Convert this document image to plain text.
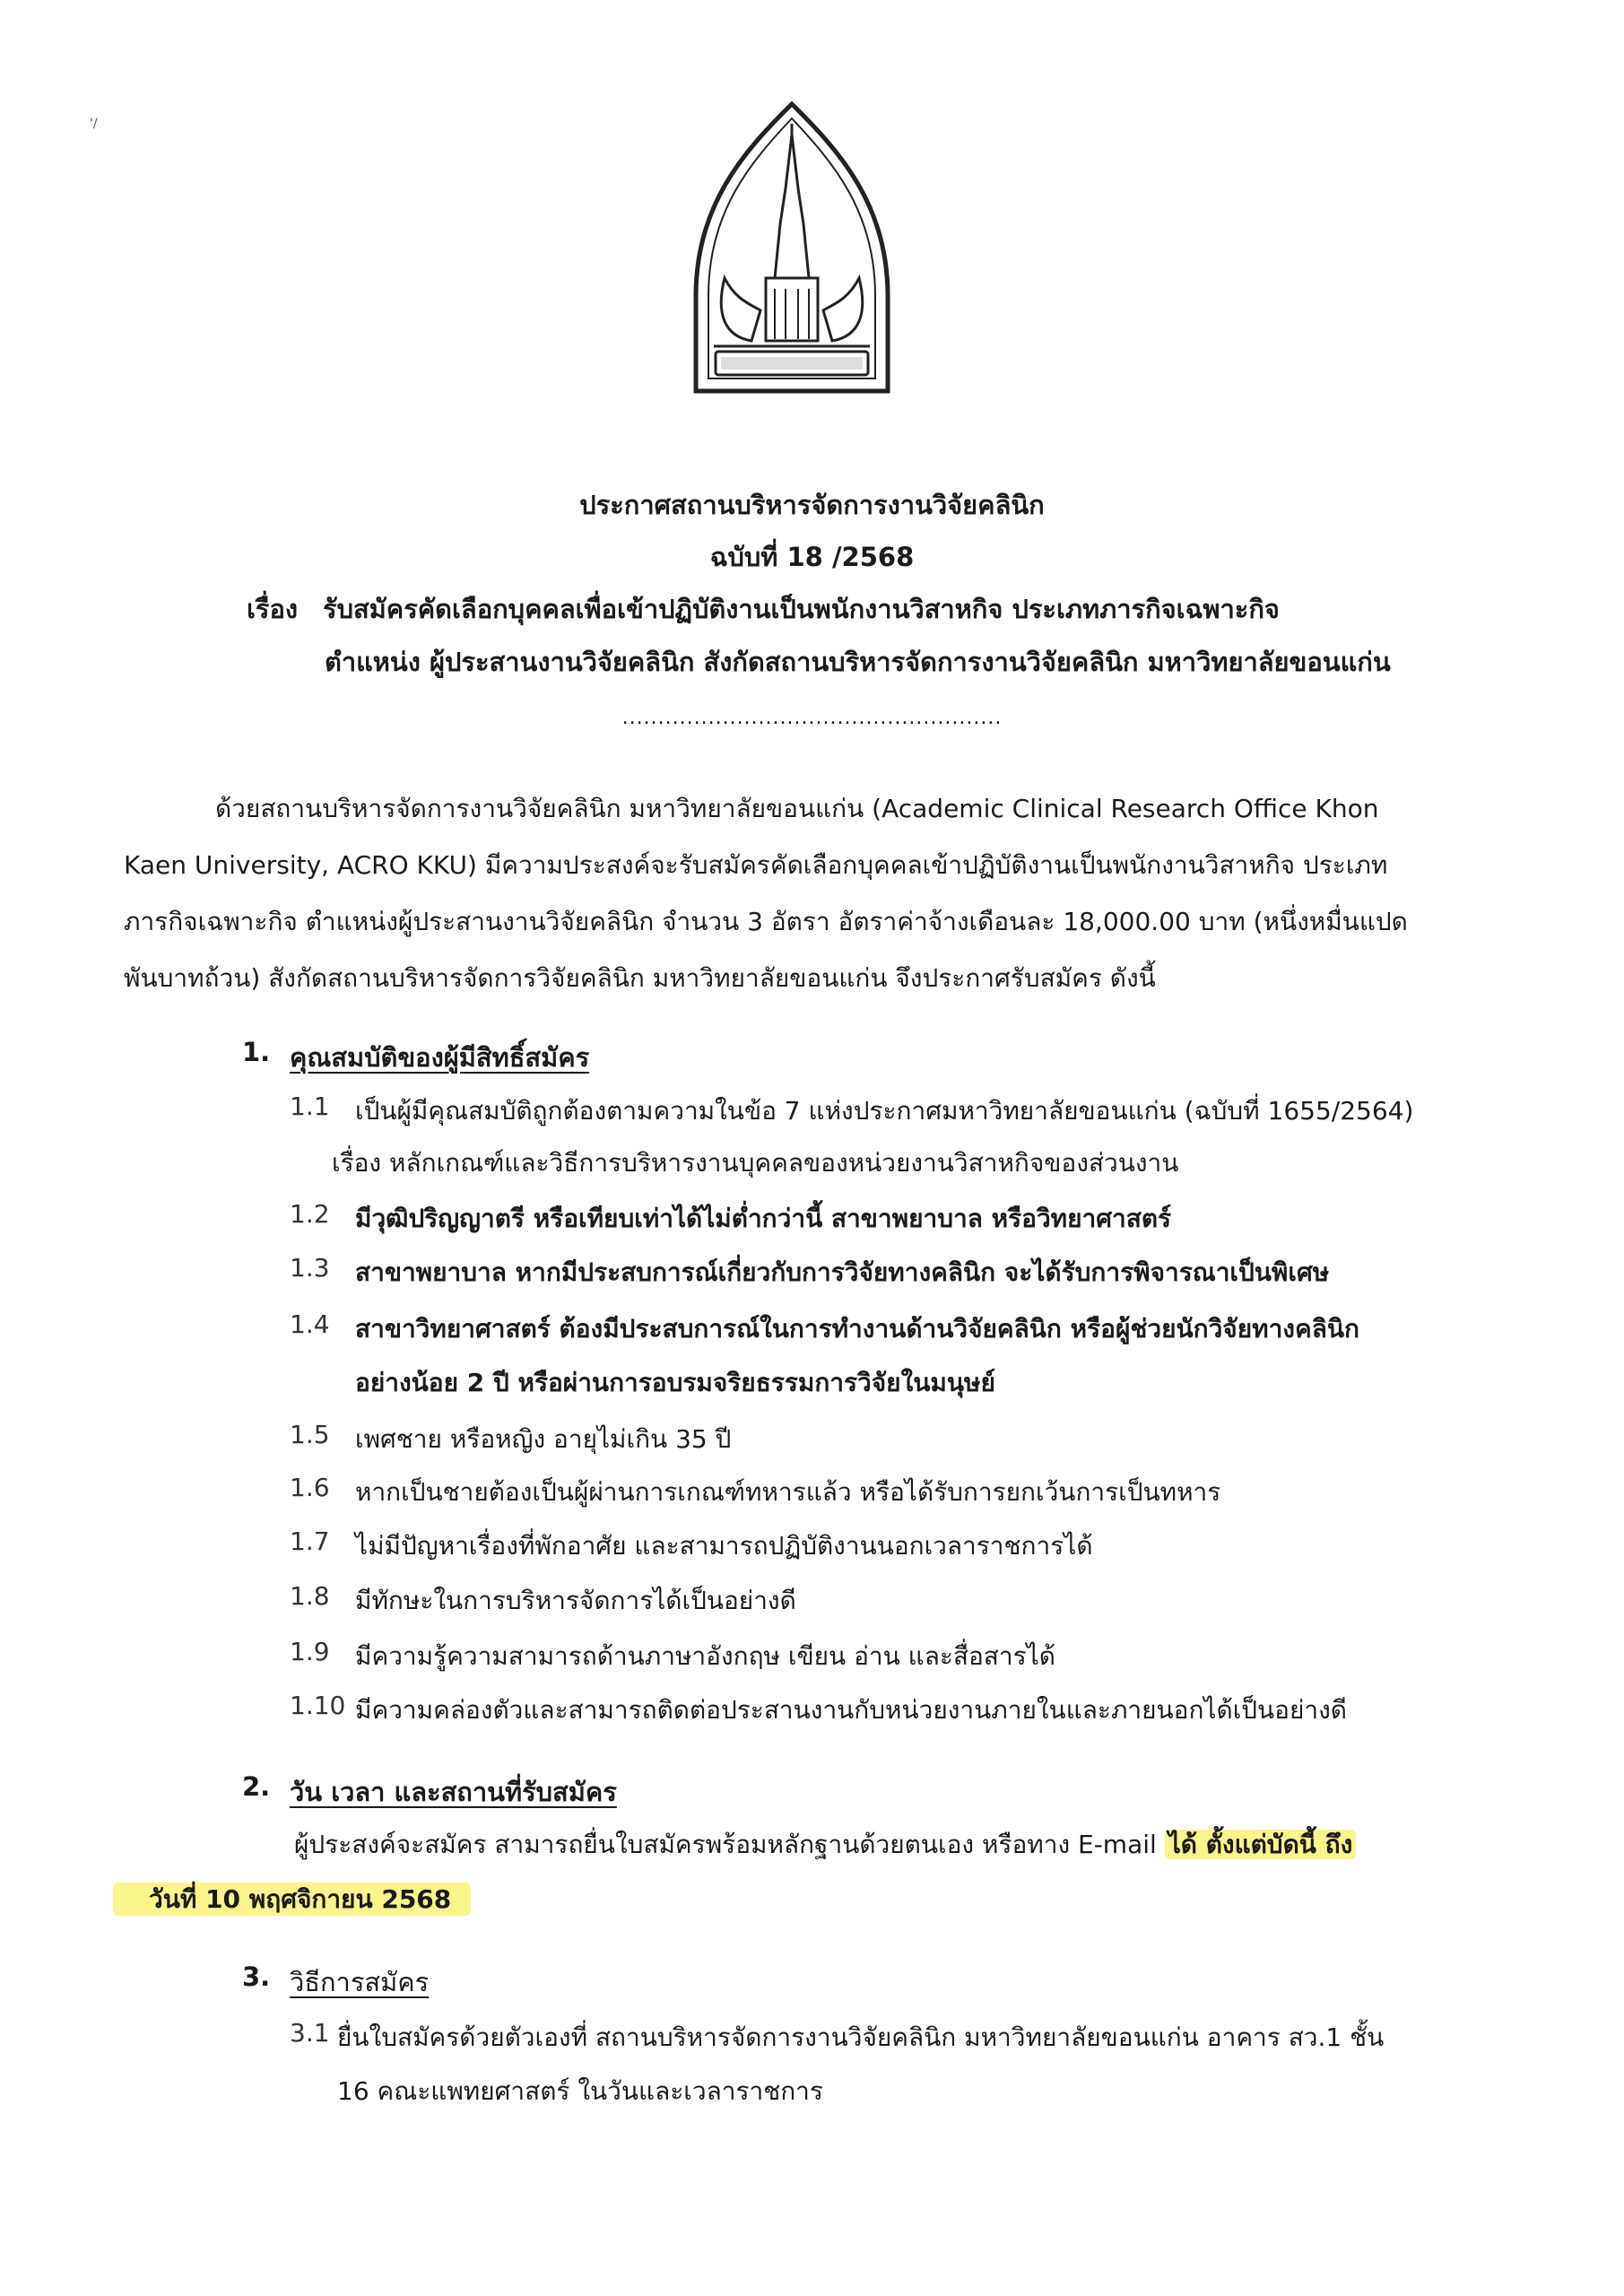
'/
ประกาศสถานบริหารจัดการงานวิจัยคลินิก
ฉบับที่ 18 /2568
เรื่อง รับสมัครคัดเลือกบุคคลเพื่อเข้าปฏิบัติงานเป็นพนักงานวิสาหกิจ ประเภทภารกิจเฉพาะกิจ
ตำแหน่ง ผู้ประสานงานวิจัยคลินิก สังกัดสถานบริหารจัดการงานวิจัยคลินิก มหาวิทยาลัยขอนแก่น
.....................................................
ด้วยสถานบริหารจัดการงานวิจัยคลินิก มหาวิทยาลัยขอนแก่น (Academic Clinical Research Office Khon
Kaen University, ACRO KKU) มีความประสงค์จะรับสมัครคัดเลือกบุคคลเข้าปฏิบัติงานเป็นพนักงานวิสาหกิจ ประเภท
ภารกิจเฉพาะกิจ ตำแหน่งผู้ประสานงานวิจัยคลินิก จำนวน 3 อัตรา อัตราค่าจ้างเดือนละ 18,000.00 บาท (หนึ่งหมื่นแปด
พันบาทถ้วน) สังกัดสถานบริหารจัดการวิจัยคลินิก มหาวิทยาลัยขอนแก่น จึงประกาศรับสมัคร ดังนี้
1. คุณสมบัติของผู้มีสิทธิ์สมัคร
1.1 เป็นผู้มีคุณสมบัติถูกต้องตามความในข้อ 7 แห่งประกาศมหาวิทยาลัยขอนแก่น (ฉบับที่ 1655/2564)
เรื่อง หลักเกณฑ์และวิธีการบริหารงานบุคคลของหน่วยงานวิสาหกิจของส่วนงาน
1.2 มีวุฒิปริญญาตรี หรือเทียบเท่าได้ไม่ต่ำกว่านี้ สาขาพยาบาล หรือวิทยาศาสตร์
1.3 สาขาพยาบาล หากมีประสบการณ์เกี่ยวกับการวิจัยทางคลินิก จะได้รับการพิจารณาเป็นพิเศษ
1.4 สาขาวิทยาศาสตร์ ต้องมีประสบการณ์ในการทำงานด้านวิจัยคลินิก หรือผู้ช่วยนักวิจัยทางคลินิก
อย่างน้อย 2 ปี หรือผ่านการอบรมจริยธรรมการวิจัยในมนุษย์
1.5 เพศชาย หรือหญิง อายุไม่เกิน 35 ปี
1.6 หากเป็นชายต้องเป็นผู้ผ่านการเกณฑ์ทหารแล้ว หรือได้รับการยกเว้นการเป็นทหาร
1.7 ไม่มีปัญหาเรื่องที่พักอาศัย และสามารถปฏิบัติงานนอกเวลาราชการได้
1.8 มีทักษะในการบริหารจัดการได้เป็นอย่างดี
1.9 มีความรู้ความสามารถด้านภาษาอังกฤษ เขียน อ่าน และสื่อสารได้
1.10 มีความคล่องตัวและสามารถติดต่อประสานงานกับหน่วยงานภายในและภายนอกได้เป็นอย่างดี
2. วัน เวลา และสถานที่รับสมัคร
ผู้ประสงค์จะสมัคร สามารถยื่นใบสมัครพร้อมหลักฐานด้วยตนเอง หรือทาง E-mail ได้ ตั้งแต่บัดนี้ ถึง
วันที่ 10 พฤศจิกายน 2568
3. วิธีการสมัคร
3.1 ยื่นใบสมัครด้วยตัวเองที่ สถานบริหารจัดการงานวิจัยคลินิก มหาวิทยาลัยขอนแก่น อาคาร สว.1 ชั้น
16 คณะแพทยศาสตร์ ในวันและเวลาราชการ
